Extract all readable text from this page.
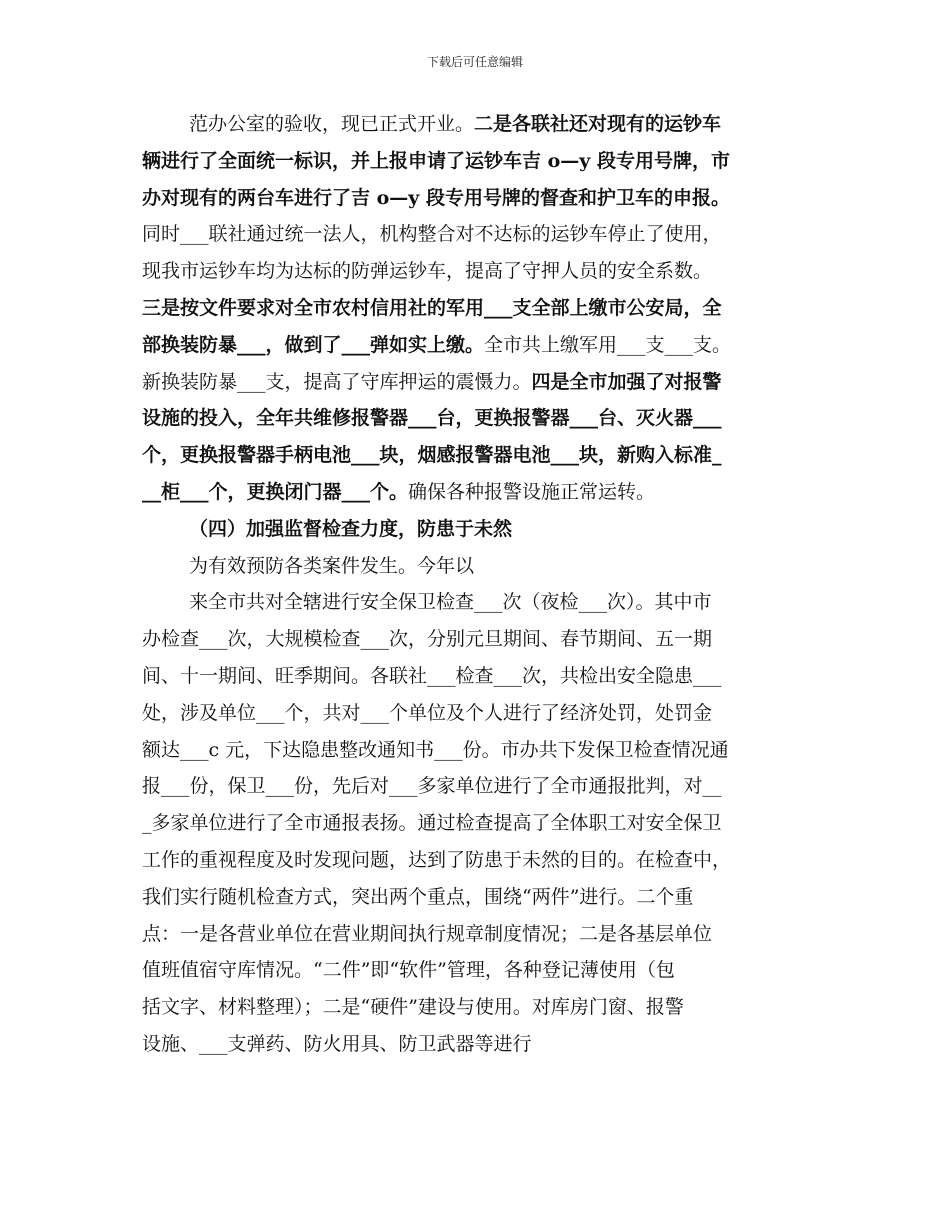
下载后可任意编辑
范办公室的验收，现已正式开业。二是各联社还对现有的运钞车
辆进行了全面统一标识，并上报申请了运钞车吉 o—y 段专用号牌，市
办对现有的两台车进行了吉 o—y 段专用号牌的督查和护卫车的申报。
同时___联社通过统一法人，机构整合对不达标的运钞车停止了使用，
现我市运钞车均为达标的防弹运钞车，提高了守押人员的安全系数。
三是按文件要求对全市农村信用社的军用___支全部上缴市公安局，全
部换装防暴___，做到了___弹如实上缴。全市共上缴军用___支___支。
新换装防暴___支，提高了守库押运的震慑力。四是全市加强了对报警
设施的投入，全年共维修报警器___台，更换报警器___台、灭火器___
个，更换报警器手柄电池___块，烟感报警器电池___块，新购入标准_
__柜___个，更换闭门器___个。确保各种报警设施正常运转。
（四）加强监督检查力度，防患于未然
为有效预防各类案件发生。今年以
来全市共对全辖进行安全保卫检查___次（夜检___次）。其中市
办检查___次，大规模检查___次，分别元旦期间、春节期间、五一期
间、十一期间、旺季期间。各联社___检查___次，共检出安全隐患___
处，涉及单位___个，共对___个单位及个人进行了经济处罚，处罚金
额达___c 元，下达隐患整改通知书___份。市办共下发保卫检查情况通
报___份，保卫___份，先后对___多家单位进行了全市通报批判，对__
_多家单位进行了全市通报表扬。通过检查提高了全体职工对安全保卫
工作的重视程度及时发现问题，达到了防患于未然的目的。在检查中，
我们实行随机检查方式，突出两个重点，围绕“两件”进行。二个重
点：一是各营业单位在营业期间执行规章制度情况；二是各基层单位
值班值宿守库情况。“二件”即“软件”管理，各种登记薄使用（包
括文字、材料整理）；二是“硬件”建设与使用。对库房门窗、报警
设施、___支弹药、防火用具、防卫武器等进行
